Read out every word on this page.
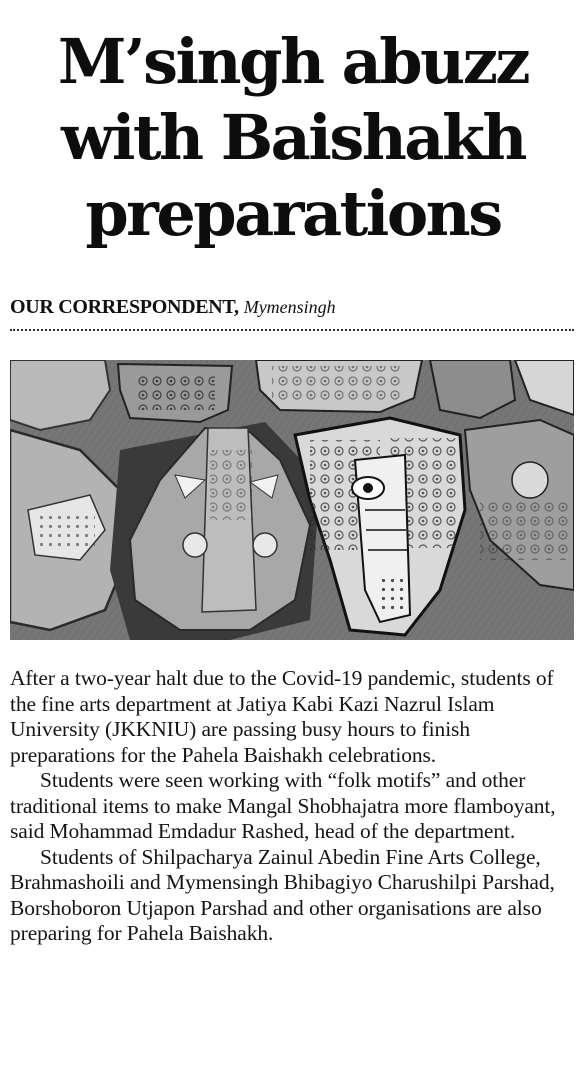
M’singh abuzz
with Baishakh
preparations
OUR CORRESPONDENT, Mymensingh

After a two-year halt due to the Covid-19 pandemic, students of the fine arts department at Jatiya Kabi Kazi Nazrul Islam University (JKKNIU) are passing busy hours to finish preparations for the Pahela Baishakh celebrations.

Students were seen working with “folk motifs” and other traditional items to make Mangal Shobhajatra more flamboyant, said Mohammad Emdadur Rashed, head of the department.

Students of Shilpacharya Zainul Abedin Fine Arts College, Brahmashoili and Mymensingh Bhibagiyo Charushilpi Parshad, Borshoboron Utjapon Parshad and other organisations are also preparing for Pahela Baishakh.
